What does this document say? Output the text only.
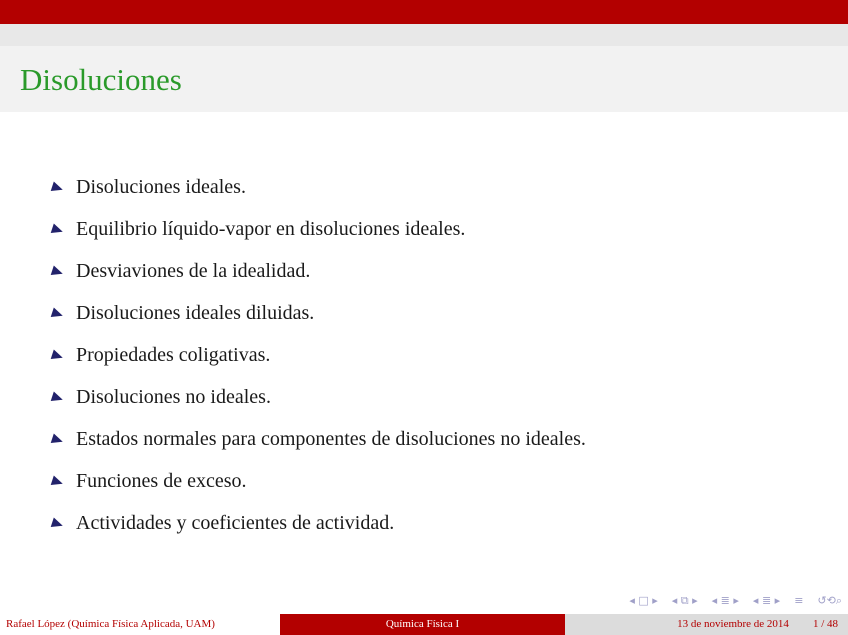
Disoluciones
Disoluciones ideales.
Equilibrio líquido-vapor en disoluciones ideales.
Desviaviones de la idealidad.
Disoluciones ideales diluidas.
Propiedades coligativas.
Disoluciones no ideales.
Estados normales para componentes de disoluciones no ideales.
Funciones de exceso.
Actividades y coeficientes de actividad.
◂ □ ▸ ◂ ⧉ ▸ ◂ ≣ ▸ ◂ ≣ ▸ ≡ ↺⟲⌕
Rafael López (Química Física Aplicada, UAM)	Química Física I	13 de noviembre de 2014 1 / 48
